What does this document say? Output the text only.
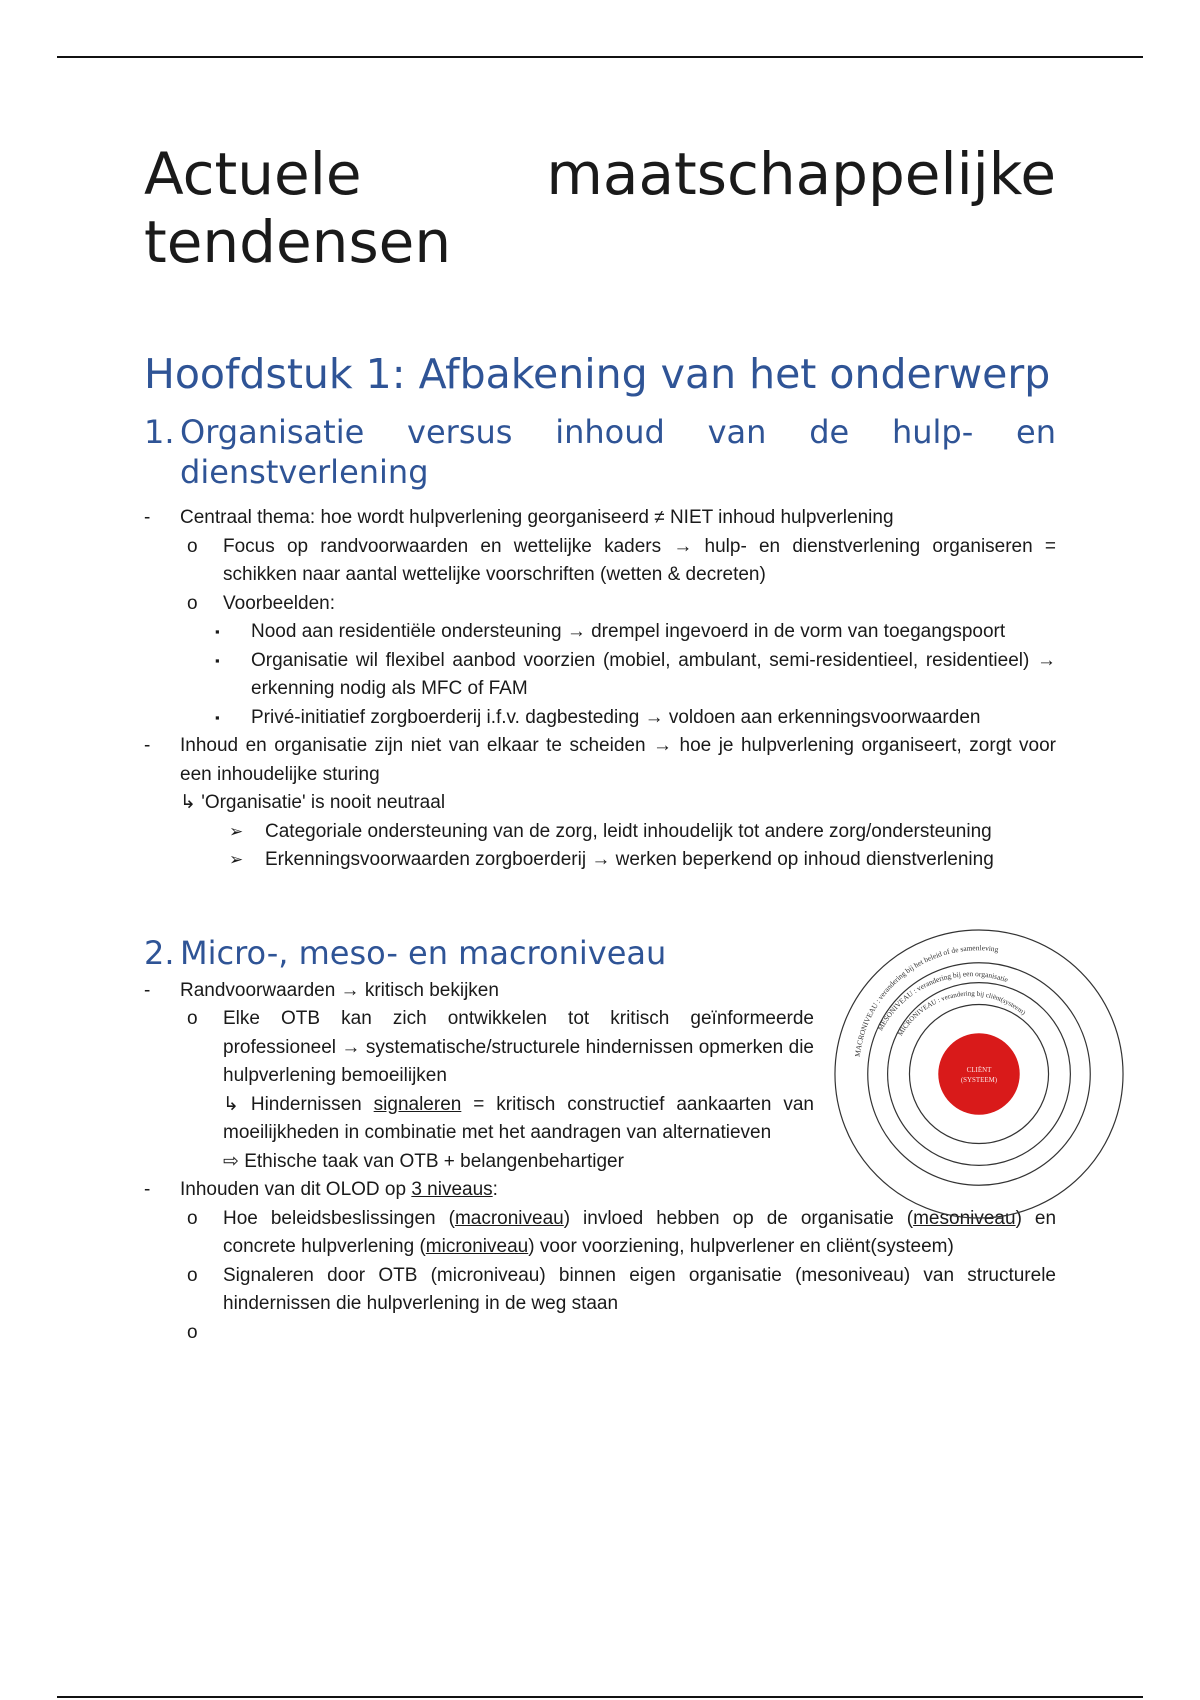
Actuele maatschappelijke tendensen
Hoofdstuk 1: Afbakening van het onderwerp
1. Organisatie versus inhoud van de hulp- en dienstverlening
- Centraal thema: hoe wordt hulpverlening georganiseerd ≠ NIET inhoud hulpverlening
o Focus op randvoorwaarden en wettelijke kaders → hulp- en dienstverlening organiseren = schikken naar aantal wettelijke voorschriften (wetten & decreten)
o Voorbeelden:
▪ Nood aan residentiële ondersteuning → drempel ingevoerd in de vorm van toegangspoort
▪ Organisatie wil flexibel aanbod voorzien (mobiel, ambulant, semi-residentieel, residentieel) → erkenning nodig als MFC of FAM
▪ Privé-initiatief zorgboerderij i.f.v. dagbesteding → voldoen aan erkenningsvoorwaarden
- Inhoud en organisatie zijn niet van elkaar te scheiden → hoe je hulpverlening organiseert, zorgt voor een inhoudelijke sturing
↳ 'Organisatie' is nooit neutraal
➢ Categoriale ondersteuning van de zorg, leidt inhoudelijk tot andere zorg/ondersteuning
➢ Erkenningsvoorwaarden zorgboerderij → werken beperkend op inhoud dienstverlening
2. Micro-, meso- en macroniveau
- Randvoorwaarden → kritisch bekijken
o Elke OTB kan zich ontwikkelen tot kritisch geïnformeerde professioneel → systematische/structurele hindernissen opmerken die hulpverlening bemoeilijken
↳ Hindernissen signaleren = kritisch constructief aankaarten van moeilijkheden in combinatie met het aandragen van alternatieven
⇨ Ethische taak van OTB + belangenbehartiger
- Inhouden van dit OLOD op 3 niveaus:
o Hoe beleidsbeslissingen (macroniveau) invloed hebben op de organisatie (mesoniveau) en concrete hulpverlening (microniveau) voor voorziening, hulpverlener en cliënt(systeem)
o Signaleren door OTB (microniveau) binnen eigen organisatie (mesoniveau) van structurele hindernissen die hulpverlening in de weg staan
o

MACRONIVEAU : verandering bij het beleid of de samenleving
MESONIVEAU : verandering bij een organisatie
MICRONIVEAU : verandering bij cliënt(systeem)
CLIËNT
(SYSTEEM)
